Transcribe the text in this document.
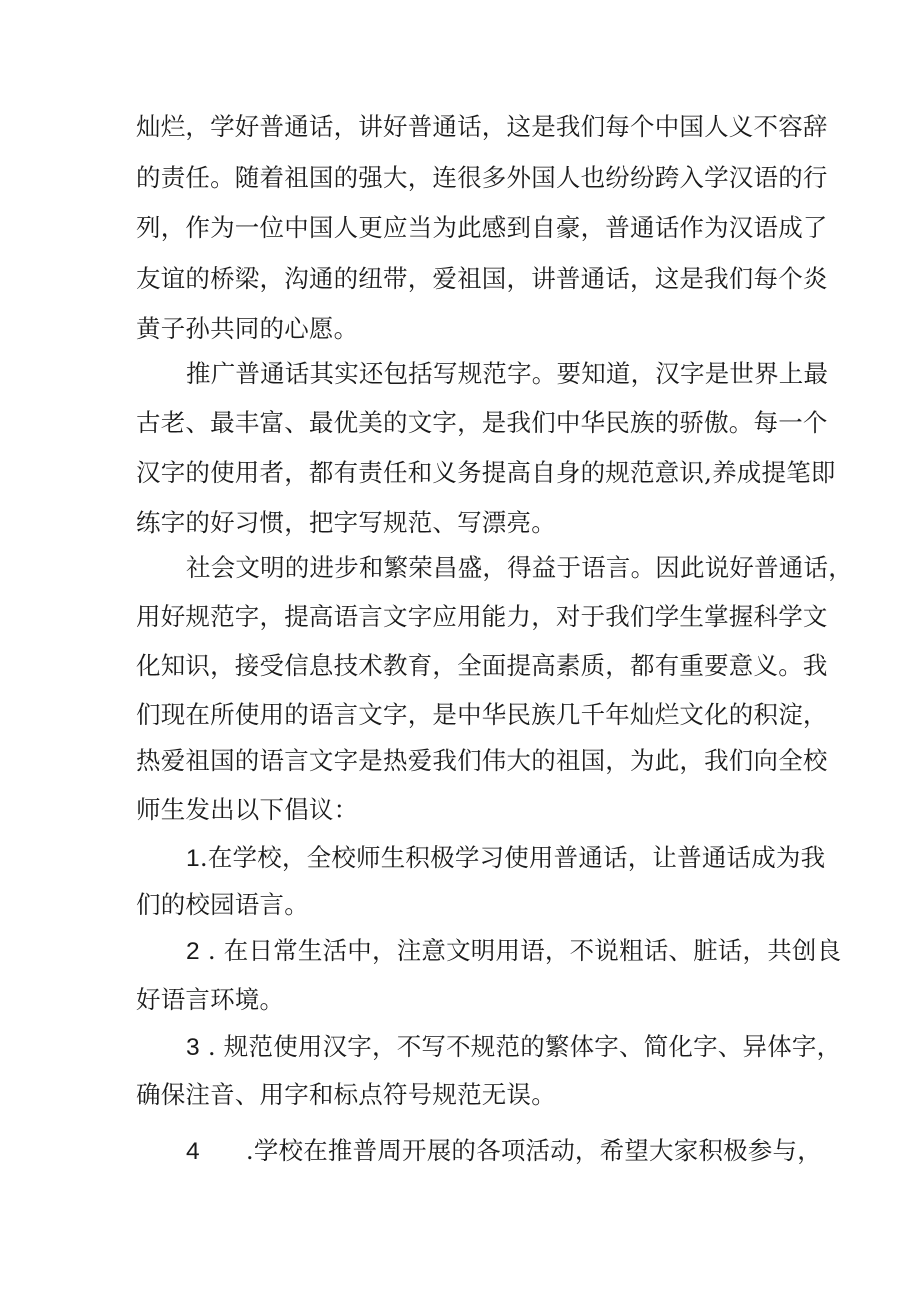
灿烂，学好普通话，讲好普通话，这是我们每个中国人义不容辞
的责任。随着祖国的强大，连很多外国人也纷纷跨入学汉语的行
列，作为一位中国人更应当为此感到自豪，普通话作为汉语成了
友谊的桥梁，沟通的纽带，爱祖国，讲普通话，这是我们每个炎
黄子孙共同的心愿。
推广普通话其实还包括写规范字。要知道，汉字是世界上最
古老、最丰富、最优美的文字，是我们中华民族的骄傲。每一个
汉字的使用者，都有责任和义务提高自身的规范意识,养成提笔即
练字的好习惯，把字写规范、写漂亮。
社会文明的进步和繁荣昌盛，得益于语言。因此说好普通话，
用好规范字，提高语言文字应用能力，对于我们学生掌握科学文
化知识，接受信息技术教育，全面提高素质，都有重要意义。我
们现在所使用的语言文字，是中华民族几千年灿烂文化的积淀，
热爱祖国的语言文字是热爱我们伟大的祖国，为此，我们向全校
师生发出以下倡议：
1.在学校，全校师生积极学习使用普通话，让普通话成为我
们的校园语言。
2 . 在日常生活中，注意文明用语，不说粗话、脏话，共创良
好语言环境。
3 . 规范使用汉字，不写不规范的繁体字、简化字、异体字，
确保注音、用字和标点符号规范无误。
4 .学校在推普周开展的各项活动，希望大家积极参与，
